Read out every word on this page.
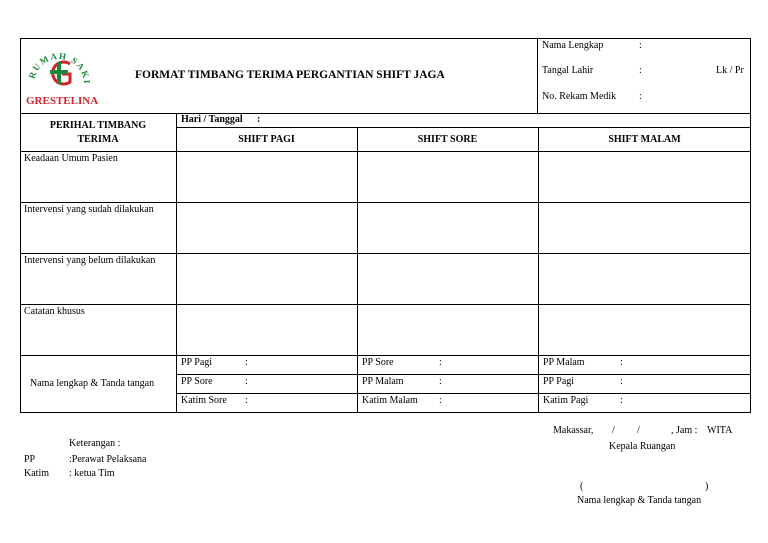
RUMAH SAKI
GRESTELINA
FORMAT TIMBANG TERIMA PERGANTIAN SHIFT JAGA
Nama Lengkap	:
Tangal Lahir	:	Lk / Pr
No. Rekam Medik :
PERIHAL TIMBANG TERIMA
Hari / Tanggal :
SHIFT PAGI	SHIFT SORE	SHIFT MALAM
Keadaan Umum Pasien
Intervensi yang sudah dilakukan
Intervensi yang belum dilakukan
Catatan khusus
Nama lengkap & Tanda tangan
PP Pagi	:	PP Sore	:	PP Malam	:
PP Sore	:	PP Malam	:	PP Pagi	:
Katim Sore :	Katim Malam :	Katim Pagi	:
Keterangan :
PP	:Perawat Pelaksana
Katim : ketua Tim
Makassar, / /	, Jam : WITA
Kepala Ruangan
(	)
Nama lengkap & Tanda tangan
